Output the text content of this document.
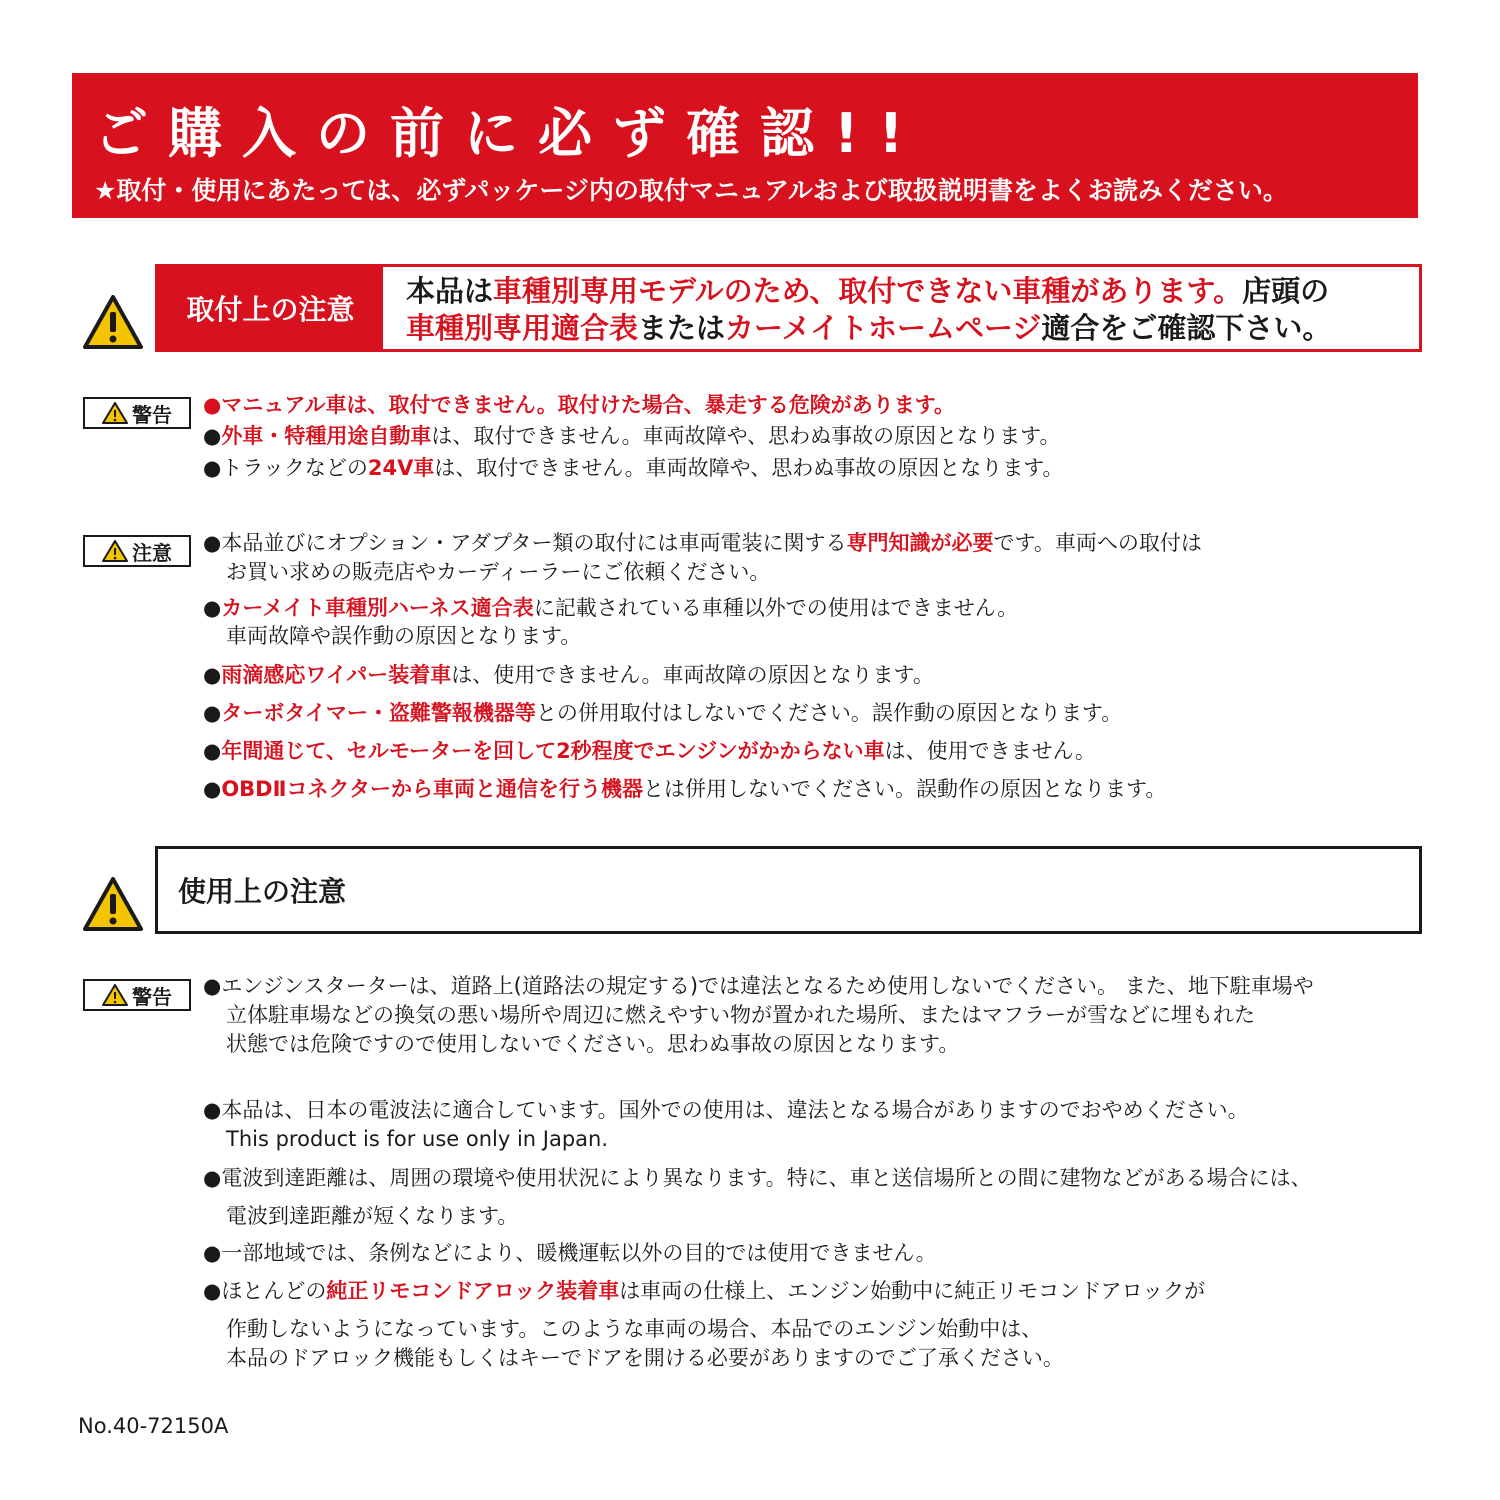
ご購入の前に必ず確認!!
★取付・使用にあたっては、必ずパッケージ内の取付マニュアルおよび取扱説明書をよくお読みください。
取付上の注意
本品は車種別専用モデルのため、取付できない車種があります。店頭の
車種別専用適合表またはカーメイトホームページ適合をご確認下さい。
警告 ●マニュアル車は、取付できません。取付けた場合、暴走する危険があります。
●外車・特種用途自動車は、取付できません。車両故障や、思わぬ事故の原因となります。
●トラックなどの24V車は、取付できません。車両故障や、思わぬ事故の原因となります。
注意 ●本品並びにオプション・アダプター類の取付には車両電装に関する専門知識が必要です。車両への取付は
お買い求めの販売店やカーディーラーにご依頼ください。
●カーメイト車種別ハーネス適合表に記載されている車種以外での使用はできません。
車両故障や誤作動の原因となります。
●雨滴感応ワイパー装着車は、使用できません。車両故障の原因となります。
●ターボタイマー・盗難警報機器等との併用取付はしないでください。誤作動の原因となります。
●年間通じて、セルモーターを回して2秒程度でエンジンがかからない車は、使用できません。
●OBDⅡコネクターから車両と通信を行う機器とは併用しないでください。誤動作の原因となります。
使用上の注意
警告 ●エンジンスターターは、道路上(道路法の規定する)では違法となるため使用しないでください。 また、地下駐車場や
立体駐車場などの換気の悪い場所や周辺に燃えやすい物が置かれた場所、またはマフラーが雪などに埋もれた
状態では危険ですので使用しないでください。思わぬ事故の原因となります。
●本品は、日本の電波法に適合しています。国外での使用は、違法となる場合がありますのでおやめください。
This product is for use only in Japan.
●電波到達距離は、周囲の環境や使用状況により異なります。特に、車と送信場所との間に建物などがある場合には、
電波到達距離が短くなります。
●一部地域では、条例などにより、暖機運転以外の目的では使用できません。
●ほとんどの純正リモコンドアロック装着車は車両の仕様上、エンジン始動中に純正リモコンドアロックが
作動しないようになっています。このような車両の場合、本品でのエンジン始動中は、
本品のドアロック機能もしくはキーでドアを開ける必要がありますのでご了承ください。
No.40-72150A
